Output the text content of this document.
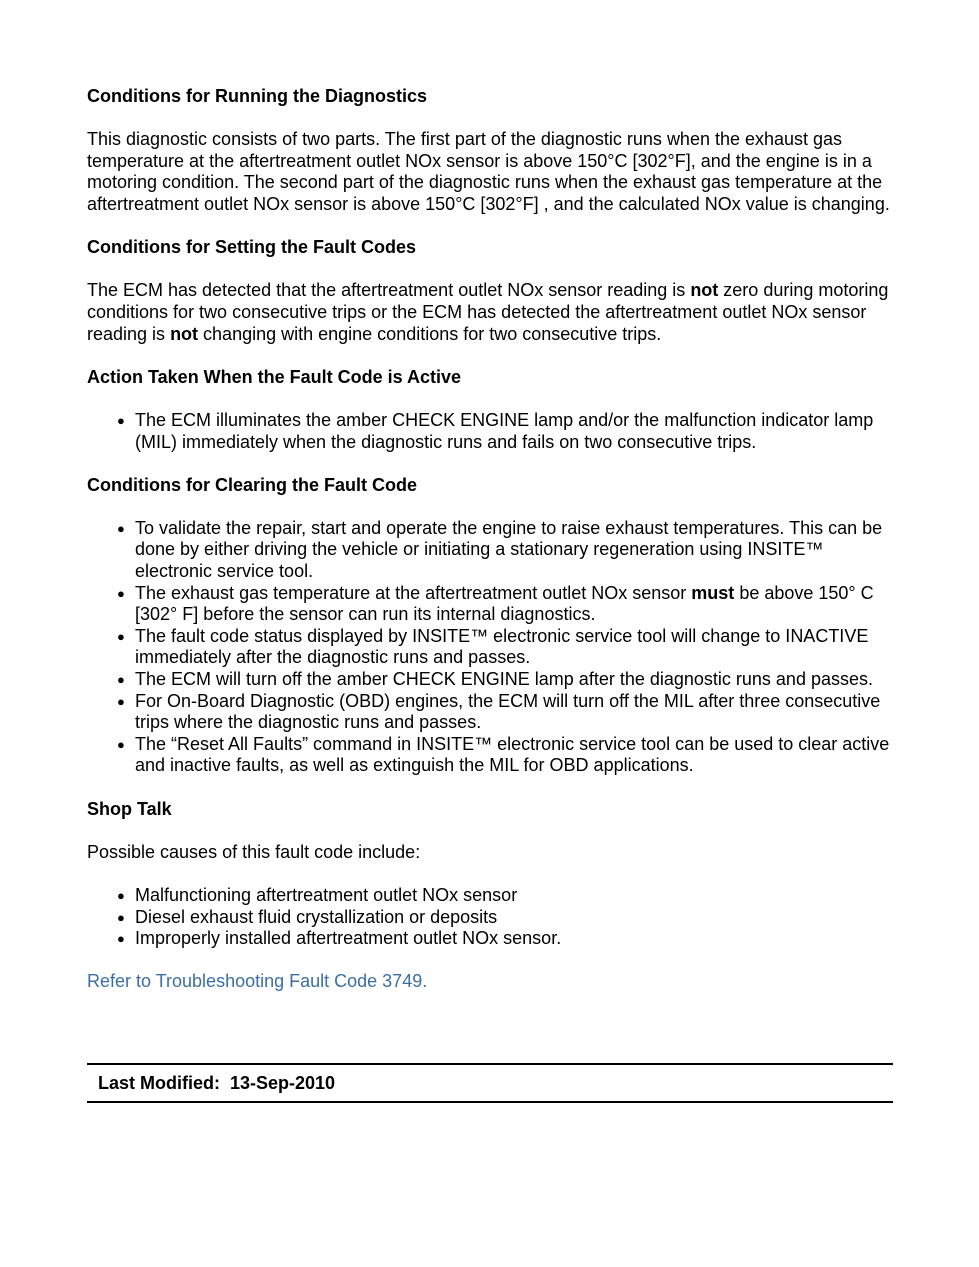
Conditions for Running the Diagnostics

This diagnostic consists of two parts. The first part of the diagnostic runs when the exhaust gas temperature at the aftertreatment outlet NOx sensor is above 150°C [302°F], and the engine is in a motoring condition. The second part of the diagnostic runs when the exhaust gas temperature at the aftertreatment outlet NOx sensor is above 150°C [302°F] , and the calculated NOx value is changing.

Conditions for Setting the Fault Codes

The ECM has detected that the aftertreatment outlet NOx sensor reading is not zero during motoring conditions for two consecutive trips or the ECM has detected the aftertreatment outlet NOx sensor reading is not changing with engine conditions for two consecutive trips.

Action Taken When the Fault Code is Active
● The ECM illuminates the amber CHECK ENGINE lamp and/or the malfunction indicator lamp (MIL) immediately when the diagnostic runs and fails on two consecutive trips.
Conditions for Clearing the Fault Code
● To validate the repair, start and operate the engine to raise exhaust temperatures. This can be done by either driving the vehicle or initiating a stationary regeneration using INSITE™ electronic service tool.
● The exhaust gas temperature at the aftertreatment outlet NOx sensor must be above 150° C [302° F] before the sensor can run its internal diagnostics.
● The fault code status displayed by INSITE™ electronic service tool will change to INACTIVE immediately after the diagnostic runs and passes.
● The ECM will turn off the amber CHECK ENGINE lamp after the diagnostic runs and passes.
● For On-Board Diagnostic (OBD) engines, the ECM will turn off the MIL after three consecutive trips where the diagnostic runs and passes.
● The “Reset All Faults” command in INSITE™ electronic service tool can be used to clear active and inactive faults, as well as extinguish the MIL for OBD applications.
Shop Talk

Possible causes of this fault code include:

● Malfunctioning aftertreatment outlet NOx sensor
● Diesel exhaust fluid crystallization or deposits
● Improperly installed aftertreatment outlet NOx sensor.
Refer to Troubleshooting Fault Code 3749.
Last Modified:  13-Sep-2010
